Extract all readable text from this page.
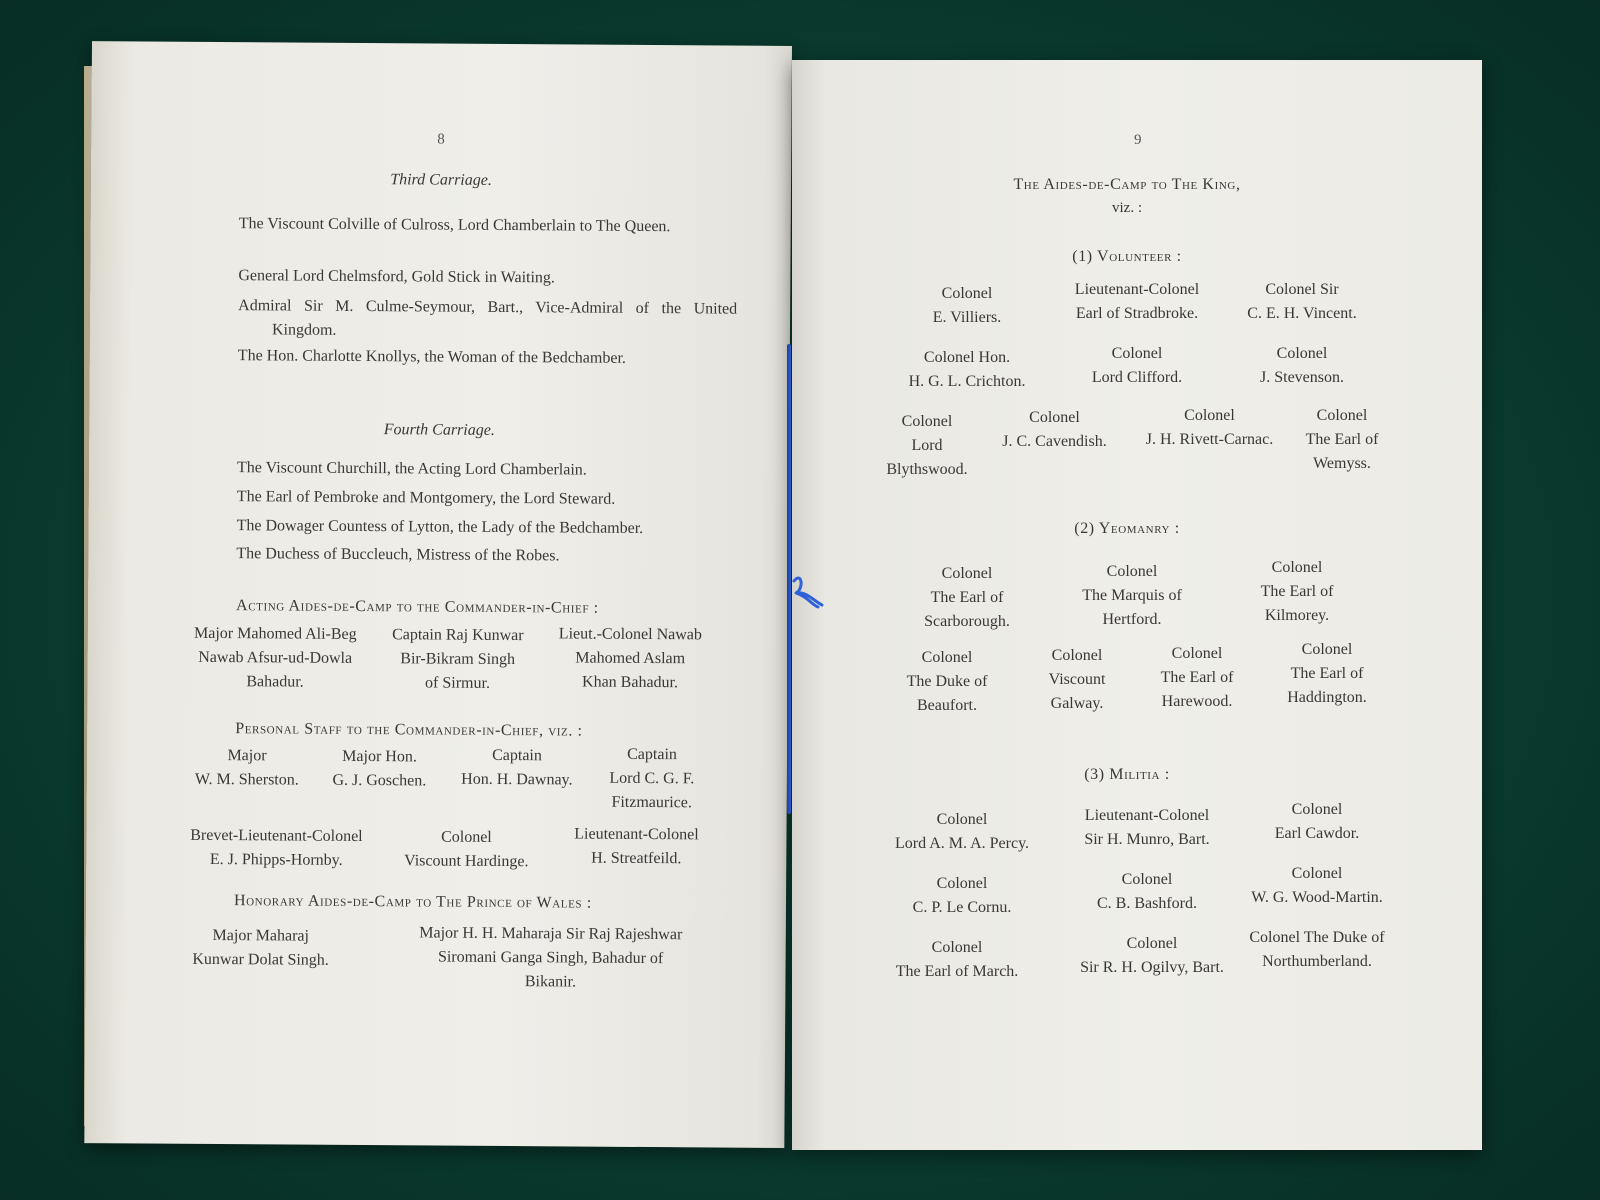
8
Third Carriage.
The Viscount Colville of Culross, Lord Chamberlain to The Queen.
General Lord Chelmsford, Gold Stick in Waiting.
Admiral Sir M. Culme-Seymour, Bart., Vice-Admiral of the United Kingdom.
The Hon. Charlotte Knollys, the Woman of the Bedchamber.
Fourth Carriage.
The Viscount Churchill, the Acting Lord Chamberlain.
The Earl of Pembroke and Montgomery, the Lord Steward.
The Dowager Countess of Lytton, the Lady of the Bedchamber.
The Duchess of Buccleuch, Mistress of the Robes.
Acting Aides-de-Camp to the Commander-in-Chief :
Major Mahomed Ali-Beg
Nawab Afsur-ud-Dowla
Bahadur.
Captain Raj Kunwar
Bir-Bikram Singh
of Sirmur.
Lieut.-Colonel Nawab
Mahomed Aslam
Khan Bahadur.
Personal Staff to the Commander-in-Chief, viz. :
Major
W. M. Sherston.
Major Hon.
G. J. Goschen.
Captain
Hon. H. Dawnay.
Captain
Lord C. G. F.
Fitzmaurice.
Brevet-Lieutenant-Colonel
E. J. Phipps-Hornby.
Colonel
Viscount Hardinge.
Lieutenant-Colonel
H. Streatfeild.
Honorary Aides-de-Camp to The Prince of Wales :
Major Maharaj
Kunwar Dolat Singh.
Major H. H. Maharaja Sir Raj Rajeshwar
Siromani Ganga Singh, Bahadur of
Bikanir.
9
The Aides-de-Camp to The King,
viz. :
(1) Volunteer :
Colonel
E. Villiers.
Lieutenant-Colonel
Earl of Stradbroke.
Colonel Sir
C. E. H. Vincent.
Colonel Hon.
H. G. L. Crichton.
Colonel
Lord Clifford.
Colonel
J. Stevenson.
Colonel
Lord
Blythswood.
Colonel
J. C. Cavendish.
Colonel
J. H. Rivett-Carnac.
Colonel
The Earl of
Wemyss.
(2) Yeomanry :
Colonel
The Earl of
Scarborough.
Colonel
The Marquis of
Hertford.
Colonel
The Earl of
Kilmorey.
Colonel
The Duke of
Beaufort.
Colonel
Viscount
Galway.
Colonel
The Earl of
Harewood.
Colonel
The Earl of
Haddington.
(3) Militia :
Colonel
Lord A. M. A. Percy.
Lieutenant-Colonel
Sir H. Munro, Bart.
Colonel
Earl Cawdor.
Colonel
C. P. Le Cornu.
Colonel
C. B. Bashford.
Colonel
W. G. Wood-Martin.
Colonel
The Earl of March.
Colonel
Sir R. H. Ogilvy, Bart.
Colonel The Duke of
Northumberland.
